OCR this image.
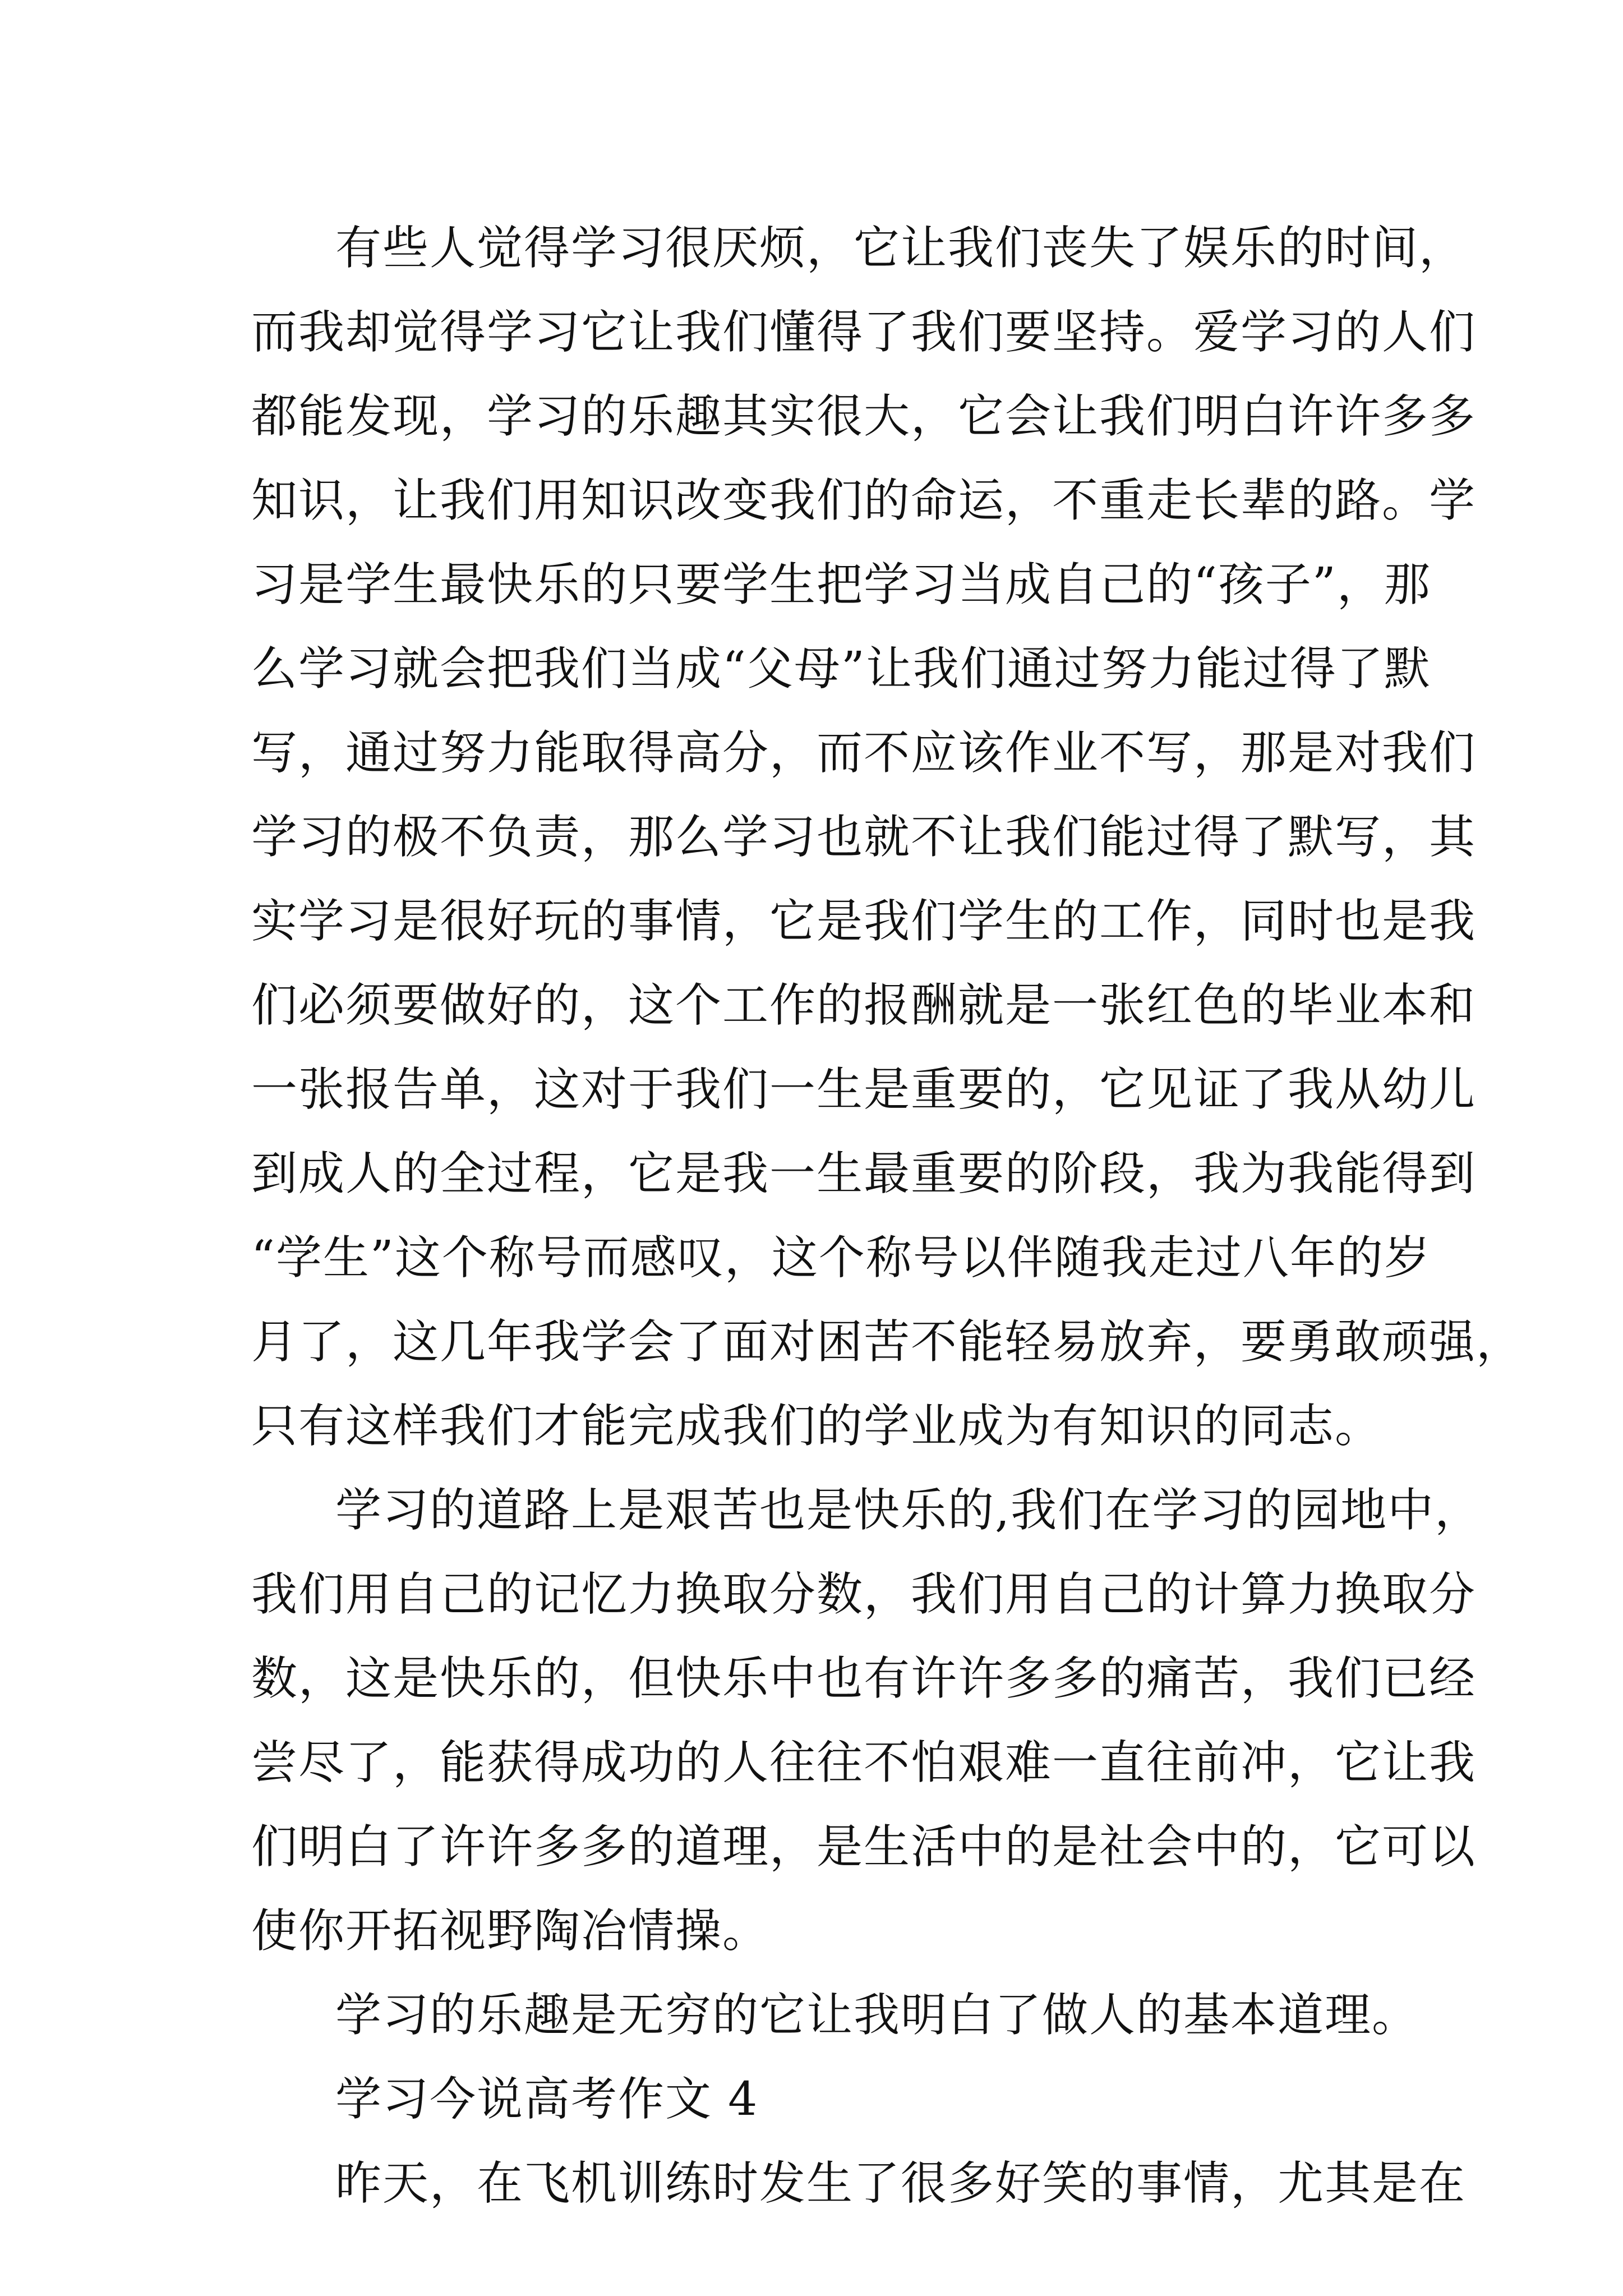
有些人觉得学习很厌烦，它让我们丧失了娱乐的时间，
而我却觉得学习它让我们懂得了我们要坚持。爱学习的人们
都能发现，学习的乐趣其实很大，它会让我们明白许许多多
知识，让我们用知识改变我们的命运，不重走长辈的路。学
习是学生最快乐的只要学生把学习当成自己的“孩子”，那
么学习就会把我们当成“父母”让我们通过努力能过得了默
写，通过努力能取得高分，而不应该作业不写，那是对我们
学习的极不负责，那么学习也就不让我们能过得了默写，其
实学习是很好玩的事情，它是我们学生的工作，同时也是我
们必须要做好的，这个工作的报酬就是一张红色的毕业本和
一张报告单，这对于我们一生是重要的，它见证了我从幼儿
到成人的全过程，它是我一生最重要的阶段，我为我能得到
“学生”这个称号而感叹，这个称号以伴随我走过八年的岁
月了，这几年我学会了面对困苦不能轻易放弃，要勇敢顽强，
只有这样我们才能完成我们的学业成为有知识的同志。
学习的道路上是艰苦也是快乐的,我们在学习的园地中，
我们用自己的记忆力换取分数，我们用自己的计算力换取分
数，这是快乐的，但快乐中也有许许多多的痛苦，我们已经
尝尽了，能获得成功的人往往不怕艰难一直往前冲，它让我
们明白了许许多多的道理，是生活中的是社会中的，它可以
使你开拓视野陶冶情操。
学习的乐趣是无穷的它让我明白了做人的基本道理。
学习今说高考作文 4
昨天，在飞机训练时发生了很多好笑的事情，尤其是在
